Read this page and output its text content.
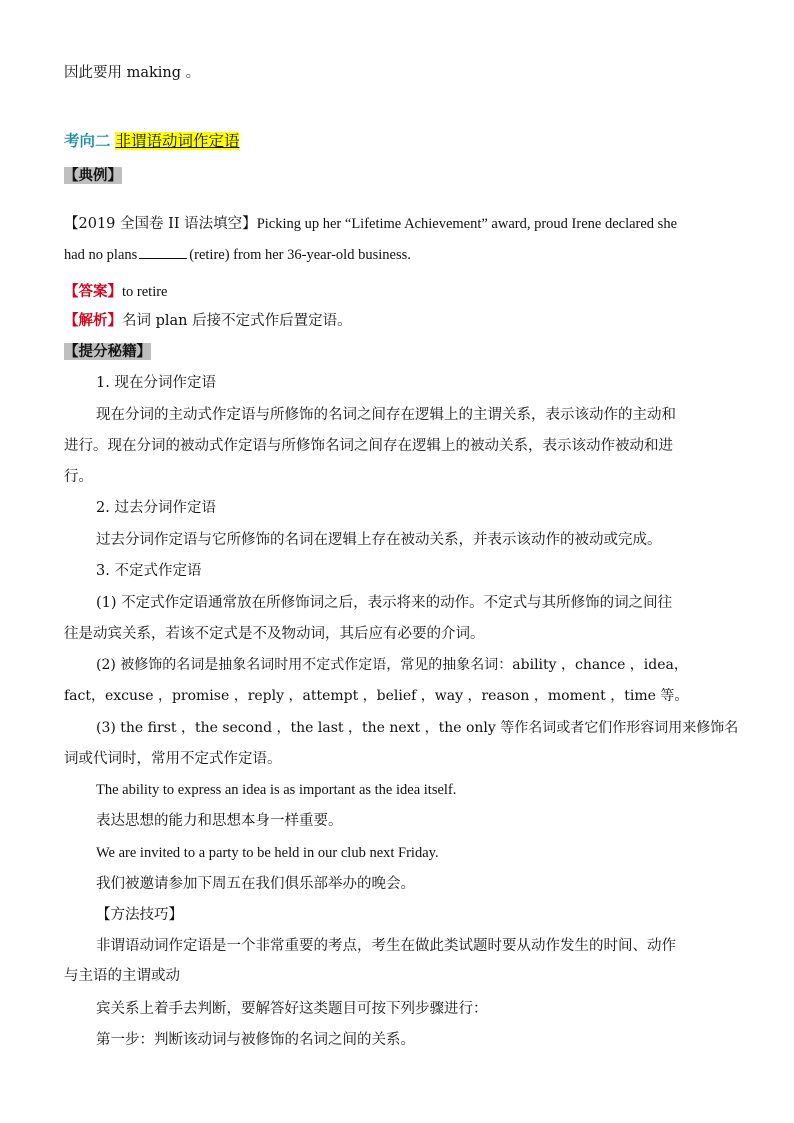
因此要用 making 。
考向二 非谓语动词作定语
【典例】
【2019 全国卷 II 语法填空】Picking up her “Lifetime Achievement” award, proud Irene declared she
had no plans	(retire) from her 36-year-old business.
【答案】to retire
【解析】名词 plan 后接不定式作后置定语。
【提分秘籍】
1. 现在分词作定语
现在分词的主动式作定语与所修饰的名词之间存在逻辑上的主谓关系，表示该动作的主动和
进行。现在分词的被动式作定语与所修饰名词之间存在逻辑上的被动关系，表示该动作被动和进
行。
2. 过去分词作定语
过去分词作定语与它所修饰的名词在逻辑上存在被动关系，并表示该动作的被动或完成。
3. 不定式作定语
(1) 不定式作定语通常放在所修饰词之后，表示将来的动作。不定式与其所修饰的词之间往
往是动宾关系，若该不定式是不及物动词，其后应有必要的介词。
(2) 被修饰的名词是抽象名词时用不定式作定语，常见的抽象名词：ability ，chance ，idea，
fact，excuse ，promise ，reply ，attempt ，belief ，way ，reason ，moment ，time 等。
(3) the first ，the second ，the last ，the next ，the only 等作名词或者它们作形容词用来修饰名
词或代词时，常用不定式作定语。
The ability to express an idea is as important as the idea itself.
表达思想的能力和思想本身一样重要。
We are invited to a party to be held in our club next Friday.
我们被邀请参加下周五在我们俱乐部举办的晚会。
【方法技巧】
非谓语动词作定语是一个非常重要的考点，考生在做此类试题时要从动作发生的时间、动作
与主语的主谓或动
宾关系上着手去判断，要解答好这类题目可按下列步骤进行：
第一步：判断该动词与被修饰的名词之间的关系。
